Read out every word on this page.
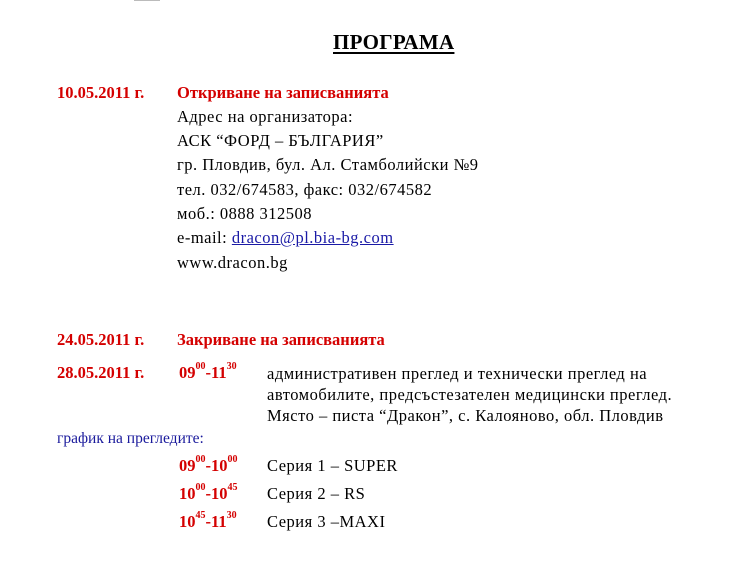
ПРОГРАМА
10.05.2011 г. Откриване на записванията
Адрес на организатора:
АСК “ФОРД – БЪЛГАРИЯ”
гр. Пловдив, бул. Ал. Стамболийски №9
тел. 032/674583, факс: 032/674582
моб.: 0888 312508
e-mail: dracon@pl.bia-bg.com
www.dracon.bg
24.05.2011 г. Закриване на записванията
28.05.2011 г. $09^{00}-11^{30}$ административен преглед и технически преглед на
автомобилите, предсъстезателен медицински преглед.
Място – писта “Дракон”, с. Калояново, обл. Пловдив
график на прегледите:
$09^{00}-10^{00}$ Серия 1 – SUPER
$10^{00}-10^{45}$ Серия 2 – RS
$10^{45}-11^{30}$ Серия 3 –MAXI
